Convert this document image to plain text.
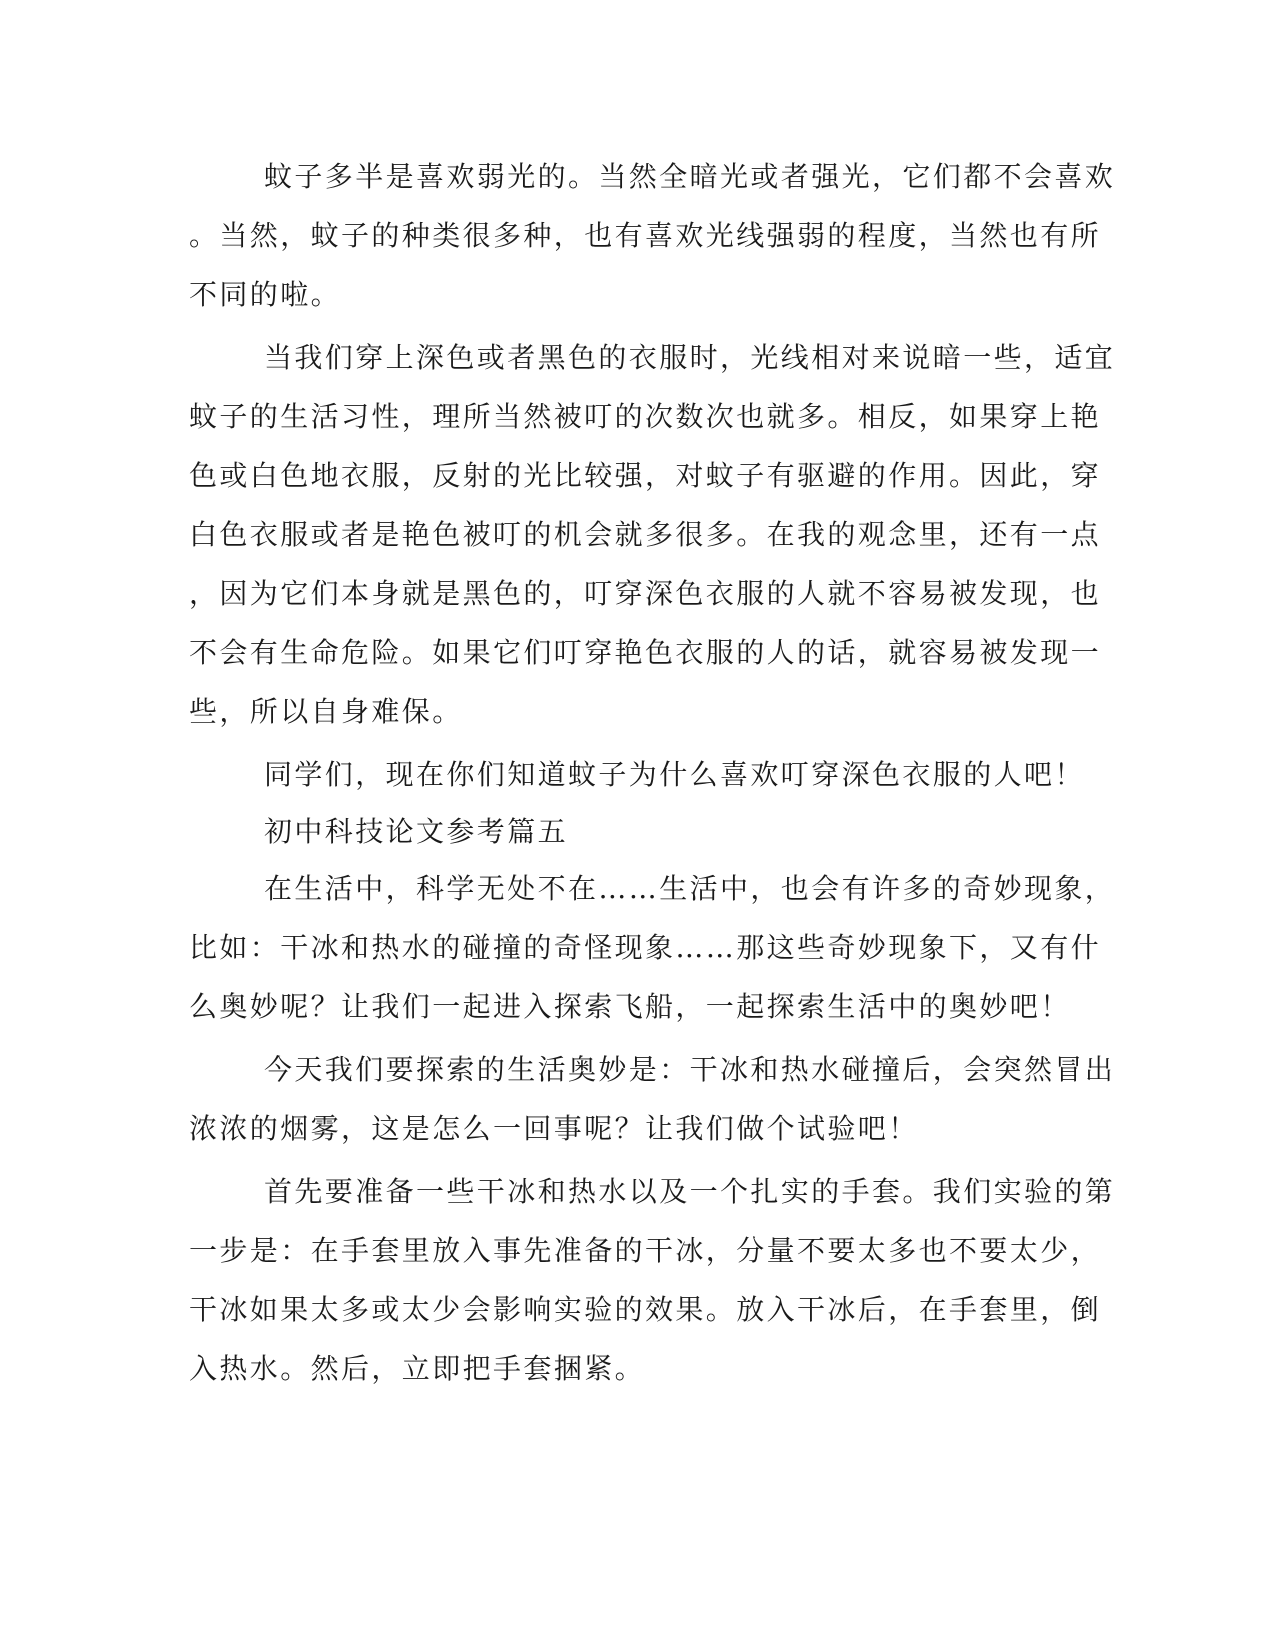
蚊子多半是喜欢弱光的。当然全暗光或者强光，它们都不会喜欢
。当然，蚊子的种类很多种，也有喜欢光线强弱的程度，当然也有所
不同的啦。
当我们穿上深色或者黑色的衣服时，光线相对来说暗一些，适宜
蚊子的生活习性，理所当然被叮的次数次也就多。相反，如果穿上艳
色或白色地衣服，反射的光比较强，对蚊子有驱避的作用。因此，穿
白色衣服或者是艳色被叮的机会就多很多。在我的观念里，还有一点
，因为它们本身就是黑色的，叮穿深色衣服的人就不容易被发现，也
不会有生命危险。如果它们叮穿艳色衣服的人的话，就容易被发现一
些，所以自身难保。
同学们，现在你们知道蚊子为什么喜欢叮穿深色衣服的人吧！
初中科技论文参考篇五
在生活中，科学无处不在……生活中，也会有许多的奇妙现象，
比如：干冰和热水的碰撞的奇怪现象……那这些奇妙现象下，又有什
么奥妙呢？让我们一起进入探索飞船，一起探索生活中的奥妙吧！
今天我们要探索的生活奥妙是：干冰和热水碰撞后，会突然冒出
浓浓的烟雾，这是怎么一回事呢？让我们做个试验吧！
首先要准备一些干冰和热水以及一个扎实的手套。我们实验的第
一步是：在手套里放入事先准备的干冰，分量不要太多也不要太少，
干冰如果太多或太少会影响实验的效果。放入干冰后，在手套里，倒
入热水。然后，立即把手套捆紧。
